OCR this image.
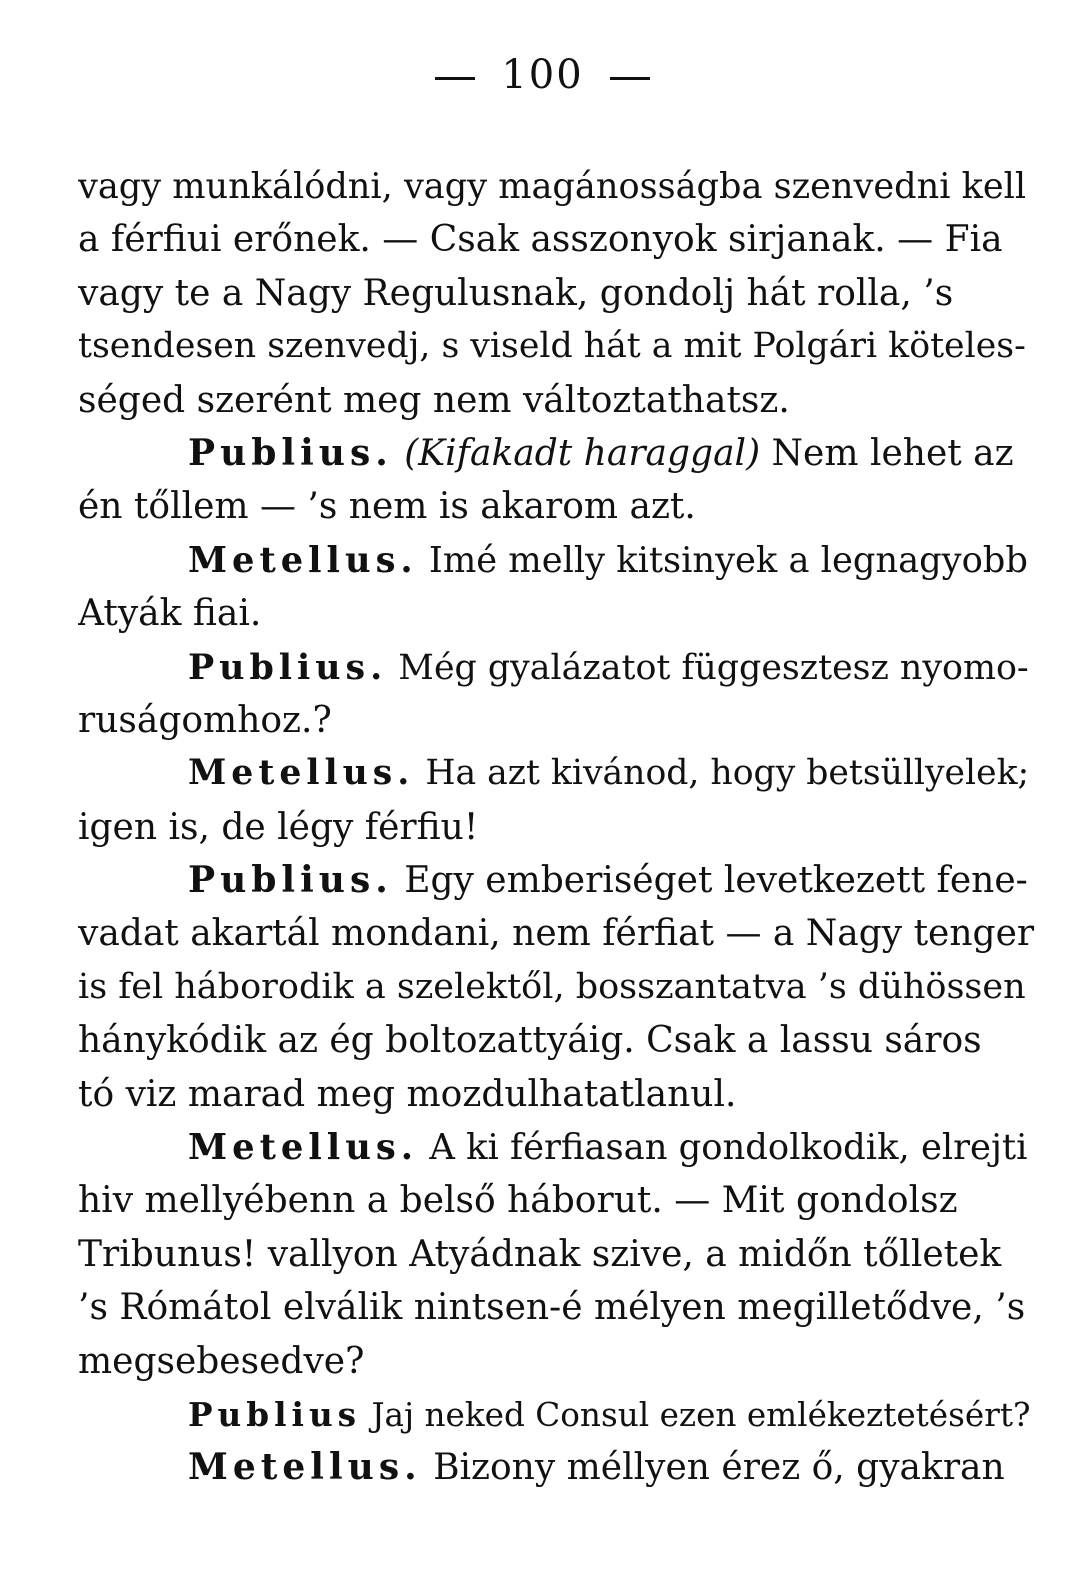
100
vagy munkálódni, vagy magánosságba szenvedni kell
a férfiui erőnek. — Csak asszonyok sirjanak. — Fia
vagy te a Nagy Regulusnak, gondolj hát rolla, ’s
tsendesen szenvedj, s viseld hát a mit Polgári köteles-
séged szerént meg nem változtathatsz.
Publius. (Kifakadt haraggal) Nem lehet az
én tőllem — ’s nem is akarom azt.
Metellus. Imé melly kitsinyek a legnagyobb
Atyák fiai.
Publius. Még gyalázatot függesztesz nyomo-
ruságomhoz.?
Metellus. Ha azt kivánod, hogy betsüllyelek;
igen is, de légy férfiu!
Publius. Egy emberiséget levetkezett fene-
vadat akartál mondani, nem férfiat — a Nagy tenger
is fel háborodik a szelektől, bosszantatva ’s dühössen
hánykódik az ég boltozattyáig. Csak a lassu sáros
tó viz marad meg mozdulhatatlanul.
Metellus. A ki férfiasan gondolkodik, elrejti
hiv mellyébenn a belső háborut. — Mit gondolsz
Tribunus! vallyon Atyádnak szive, a midőn tőlletek
’s Rómátol elválik nintsen-é mélyen megilletődve, ’s
megsebesedve?
Publius Jaj neked Consul ezen emlékeztetésért?
Metellus. Bizony méllyen érez ő, gyakran
